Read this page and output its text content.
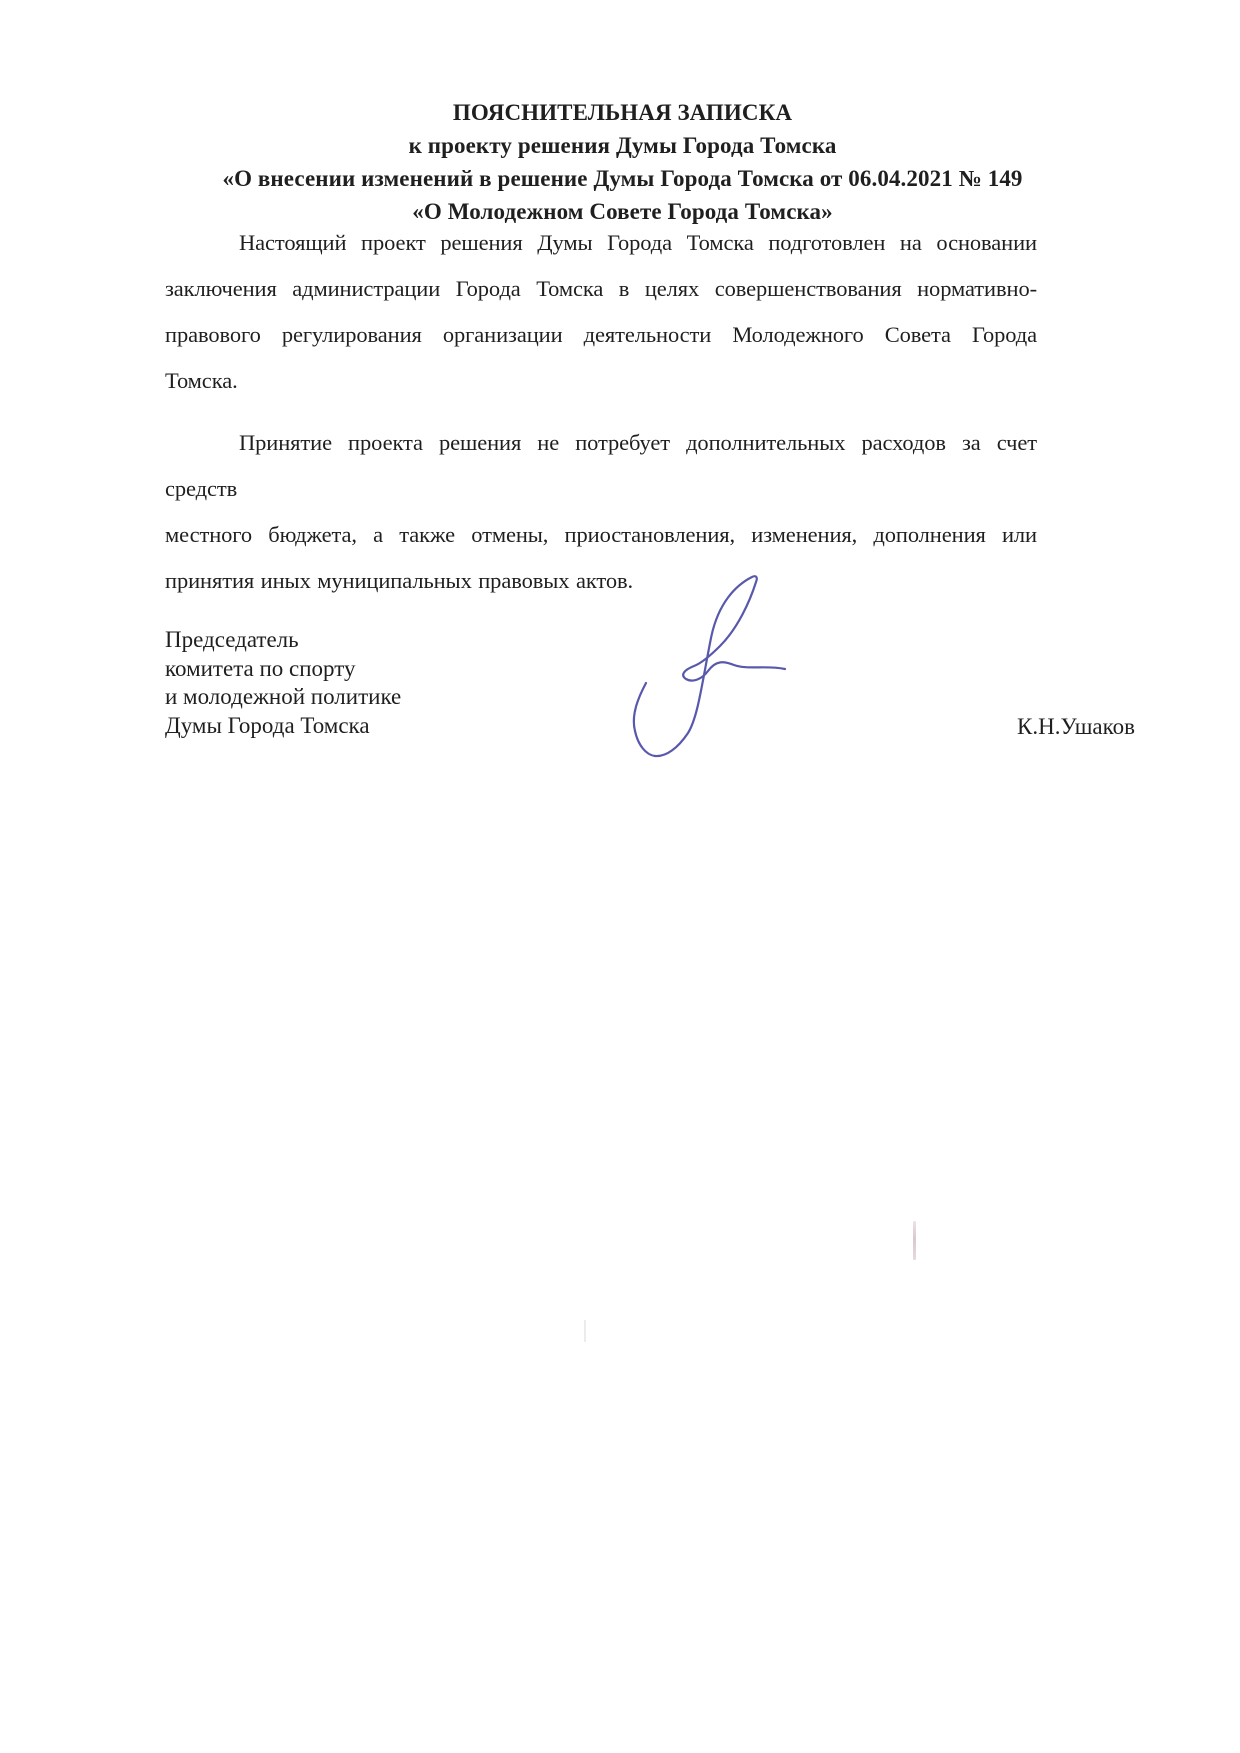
ПОЯСНИТЕЛЬНАЯ ЗАПИСКА
к проекту решения Думы Города Томска
«О внесении изменений в решение Думы Города Томска от 06.04.2021 № 149
«О Молодежном Совете Города Томска»
Настоящий проект решения Думы Города Томска подготовлен на основании
заключения администрации Города Томска в целях совершенствования нормативно-
правового регулирования организации деятельности Молодежного Совета Города
Томска.
Принятие проекта решения не потребует дополнительных расходов за счет средств
местного бюджета, а также отмены, приостановления, изменения, дополнения или
принятия иных муниципальных правовых актов.
Председатель
комитета по спорту
и молодежной политике
Думы Города Томска	К.Н.Ушаков
